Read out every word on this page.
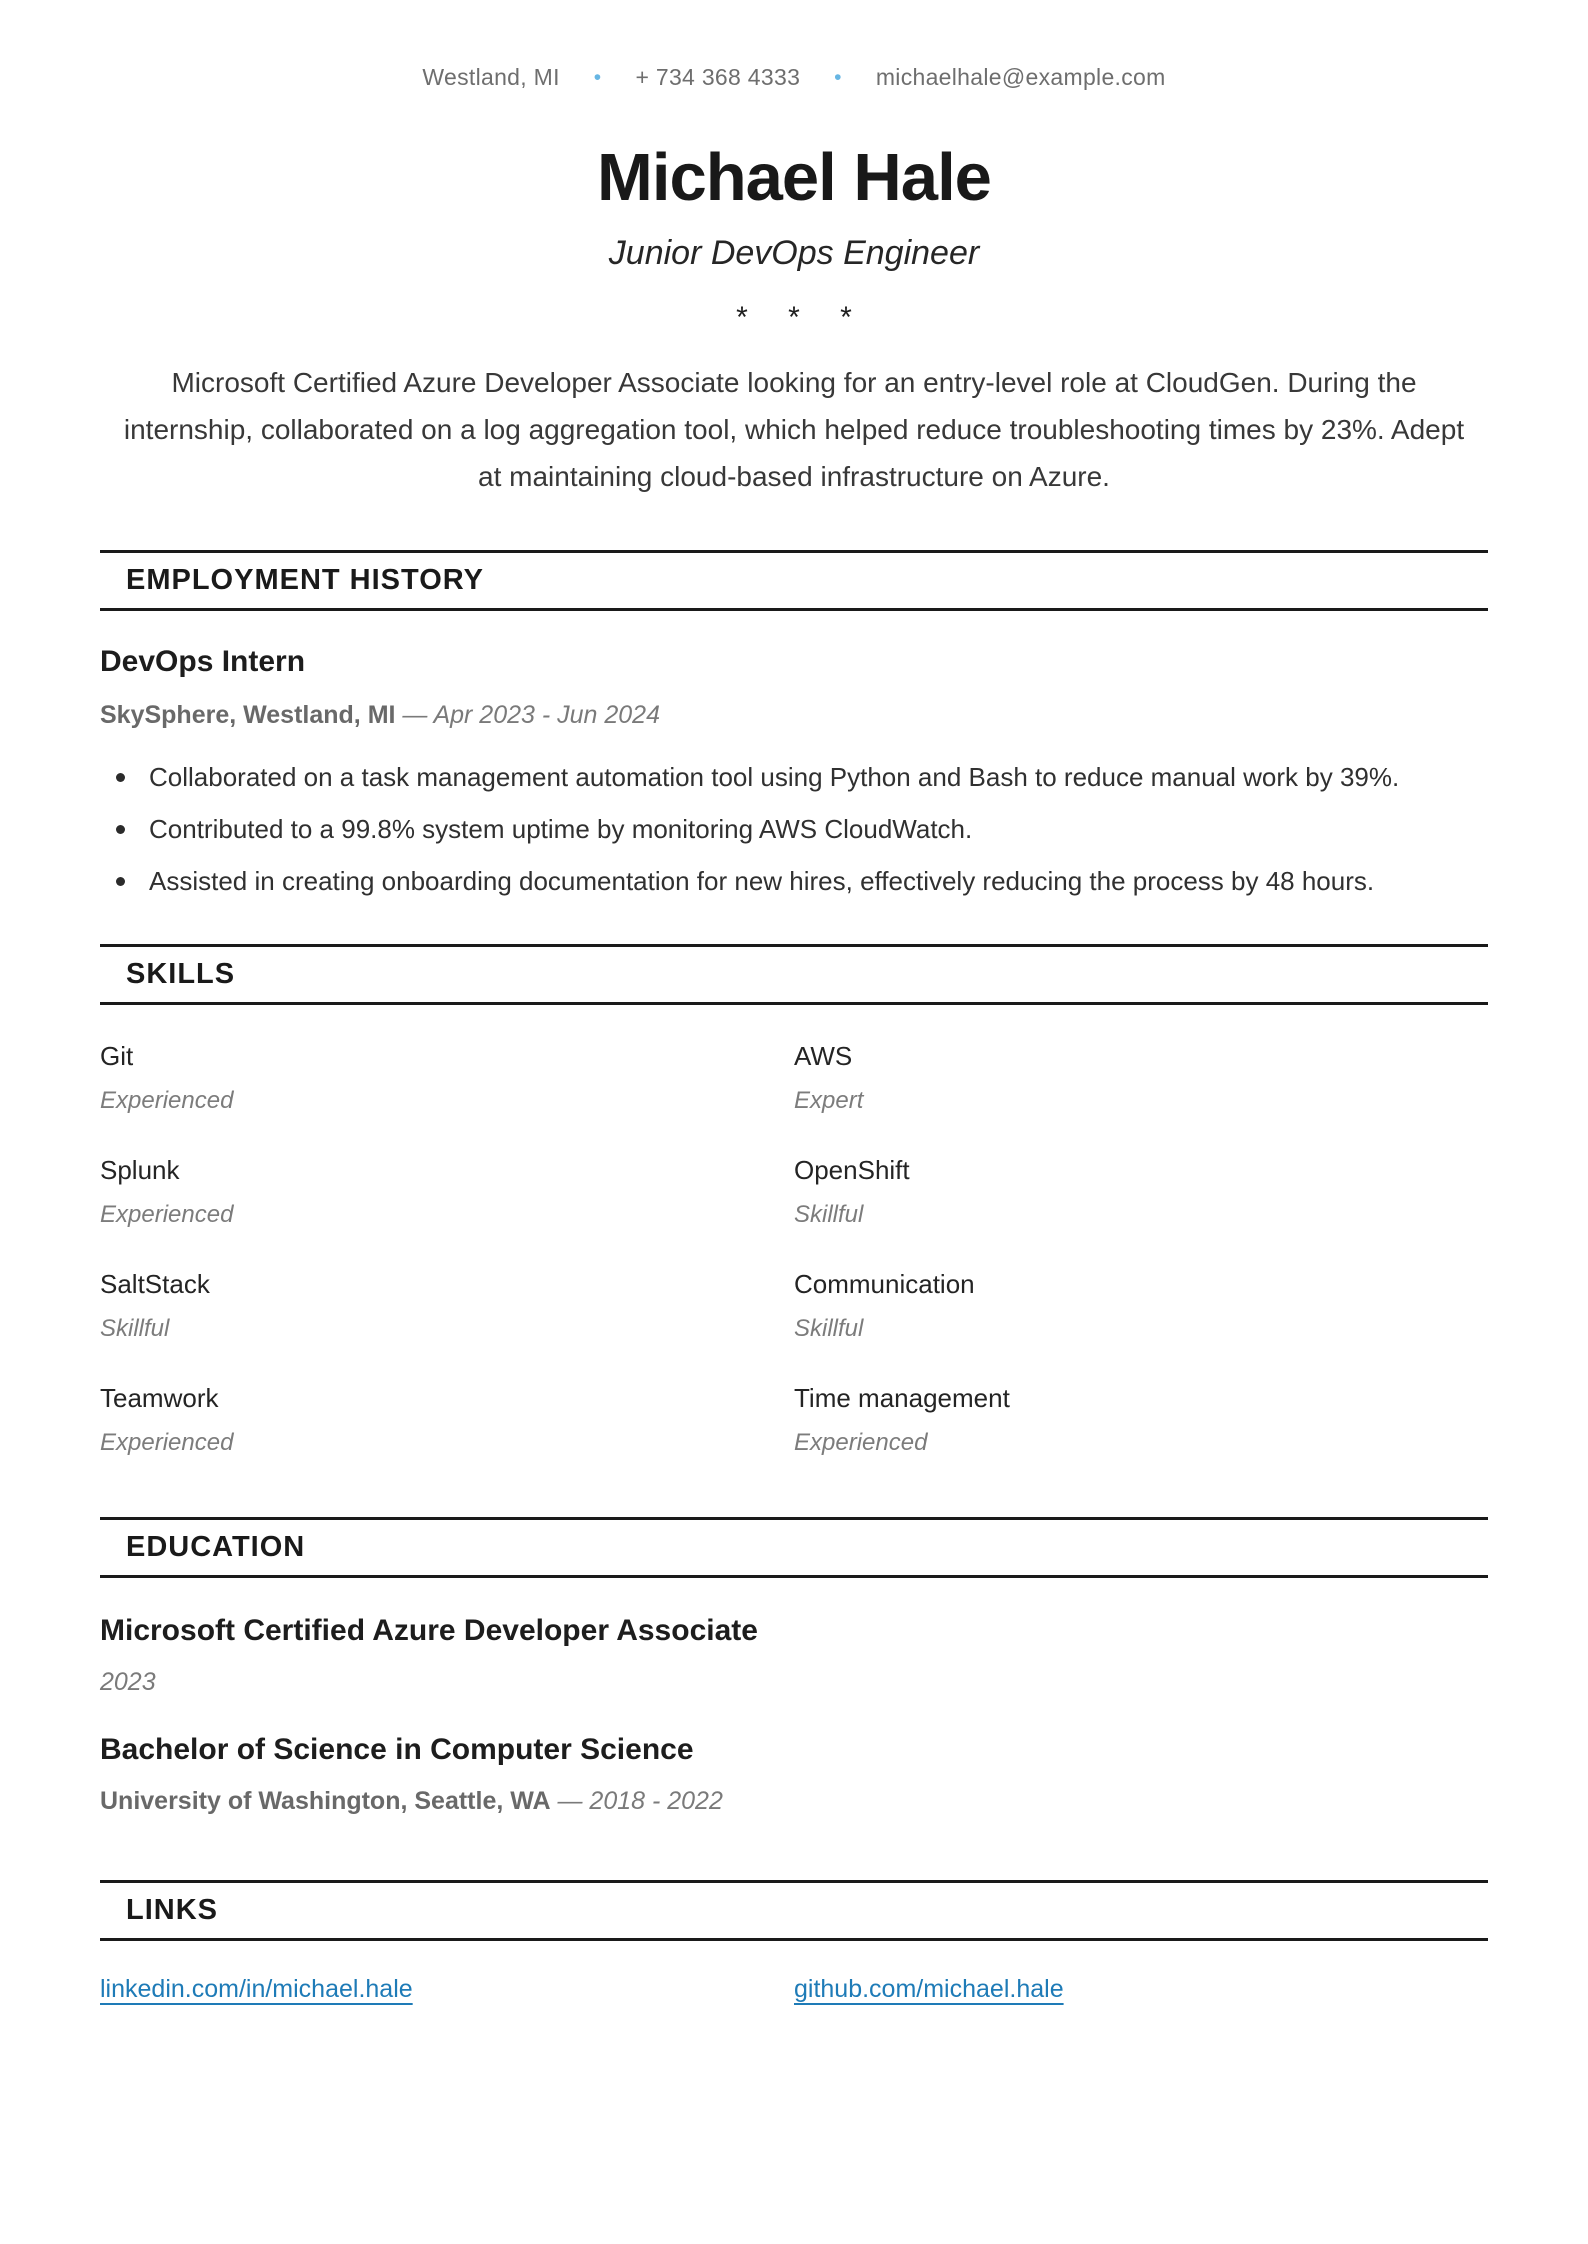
Westland, MI • + 734 368 4333 • michaelhale@example.com
Michael Hale
Junior DevOps Engineer
* * *

Microsoft Certified Azure Developer Associate looking for an entry-level role at CloudGen. During the internship, collaborated on a log aggregation tool, which helped reduce troubleshooting times by 23%. Adept at maintaining cloud-based infrastructure on Azure.

EMPLOYMENT HISTORY
DevOps Intern
SkySphere, Westland, MI — Apr 2023 - Jun 2024
Collaborated on a task management automation tool using Python and Bash to reduce manual work by 39%.
Contributed to a 99.8% system uptime by monitoring AWS CloudWatch.
Assisted in creating onboarding documentation for new hires, effectively reducing the process by 48 hours.
SKILLS
Git
Experienced
AWS
Expert
Splunk
Experienced
OpenShift
Skillful
SaltStack
Skillful
Communication
Skillful
Teamwork
Experienced
Time management
Experienced
EDUCATION
Microsoft Certified Azure Developer Associate
2023
Bachelor of Science in Computer Science
University of Washington, Seattle, WA — 2018 - 2022
LINKS
linkedin.com/in/michael.hale	github.com/michael.hale
